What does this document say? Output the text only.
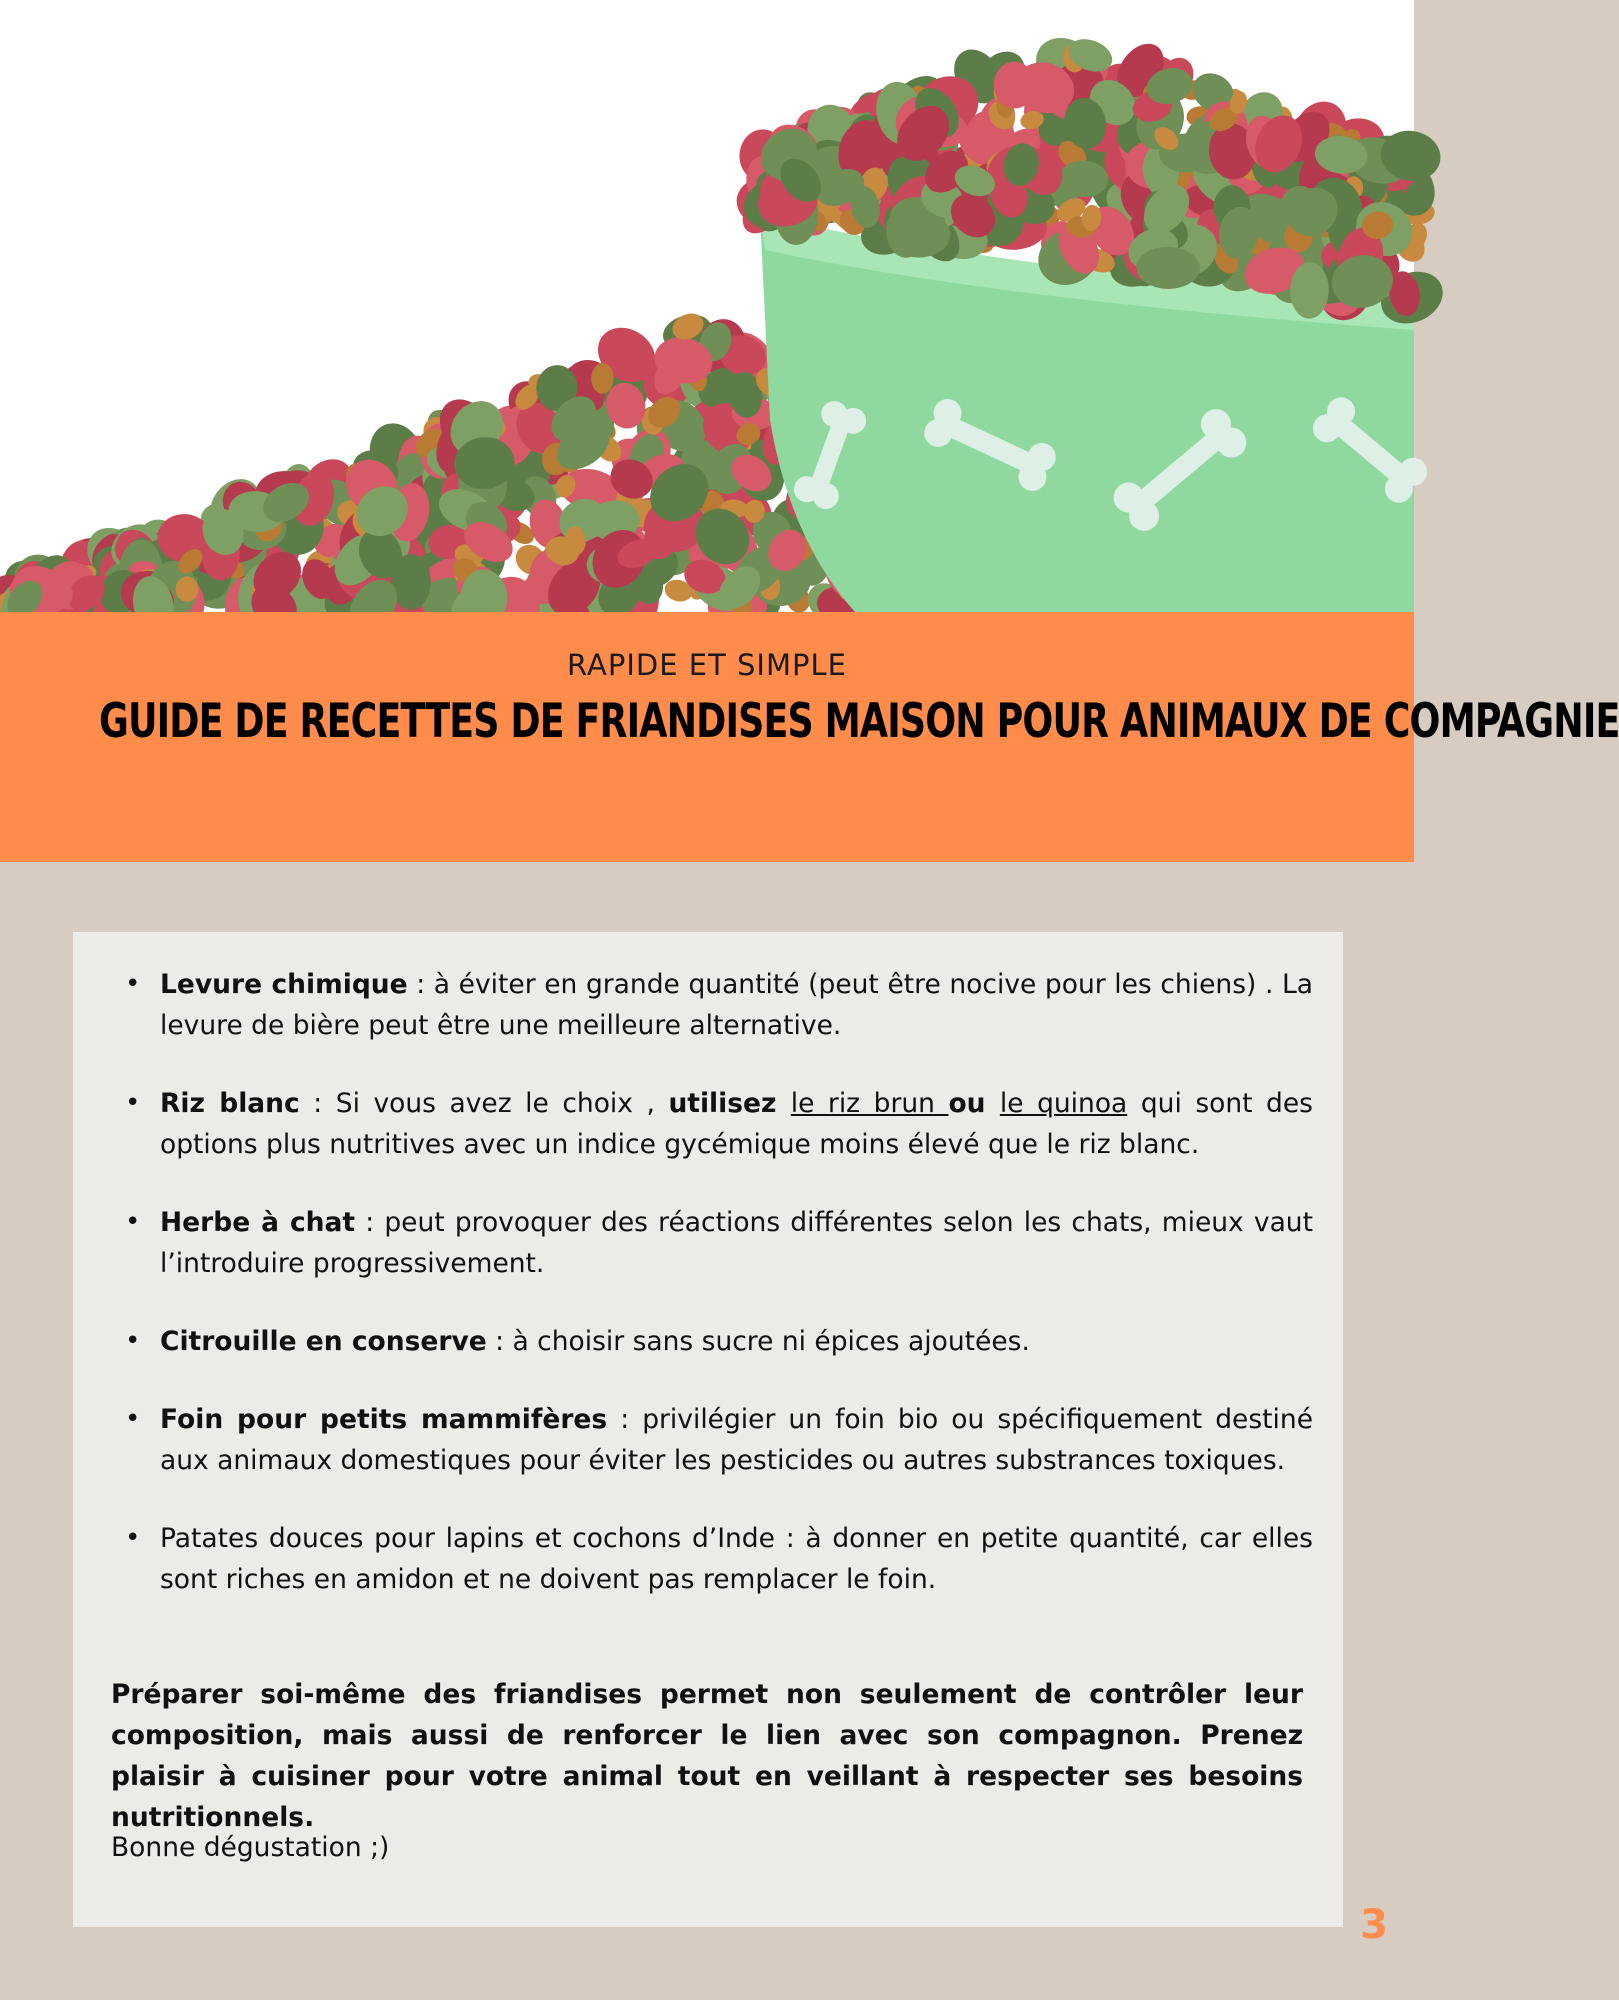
RAPIDE ET SIMPLE
GUIDE DE RECETTES DE FRIANDISES MAISON POUR ANIMAUX DE COMPAGNIE
• Levure chimique : à éviter en grande quantité (peut être nocive pour les chiens) . La levure de bière peut être une meilleure alternative.
• Riz blanc : Si vous avez le choix , utilisez le riz brun ou le quinoa qui sont des options plus nutritives avec un indice gycémique moins élevé que le riz blanc.
• Herbe à chat : peut provoquer des réactions différentes selon les chats, mieux vaut l’introduire progressivement.
• Citrouille en conserve : à choisir sans sucre ni épices ajoutées.
• Foin pour petits mammifères : privilégier un foin bio ou spécifiquement destiné aux animaux domestiques pour éviter les pesticides ou autres substrances toxiques.
• Patates douces pour lapins et cochons d’Inde : à donner en petite quantité, car elles sont riches en amidon et ne doivent pas remplacer le foin.
Préparer soi-même des friandises permet non seulement de contrôler leur composition, mais aussi de renforcer le lien avec son compagnon. Prenez plaisir à cuisiner pour votre animal tout en veillant à respecter ses besoins nutritionnels.
Bonne dégustation ;)
3
